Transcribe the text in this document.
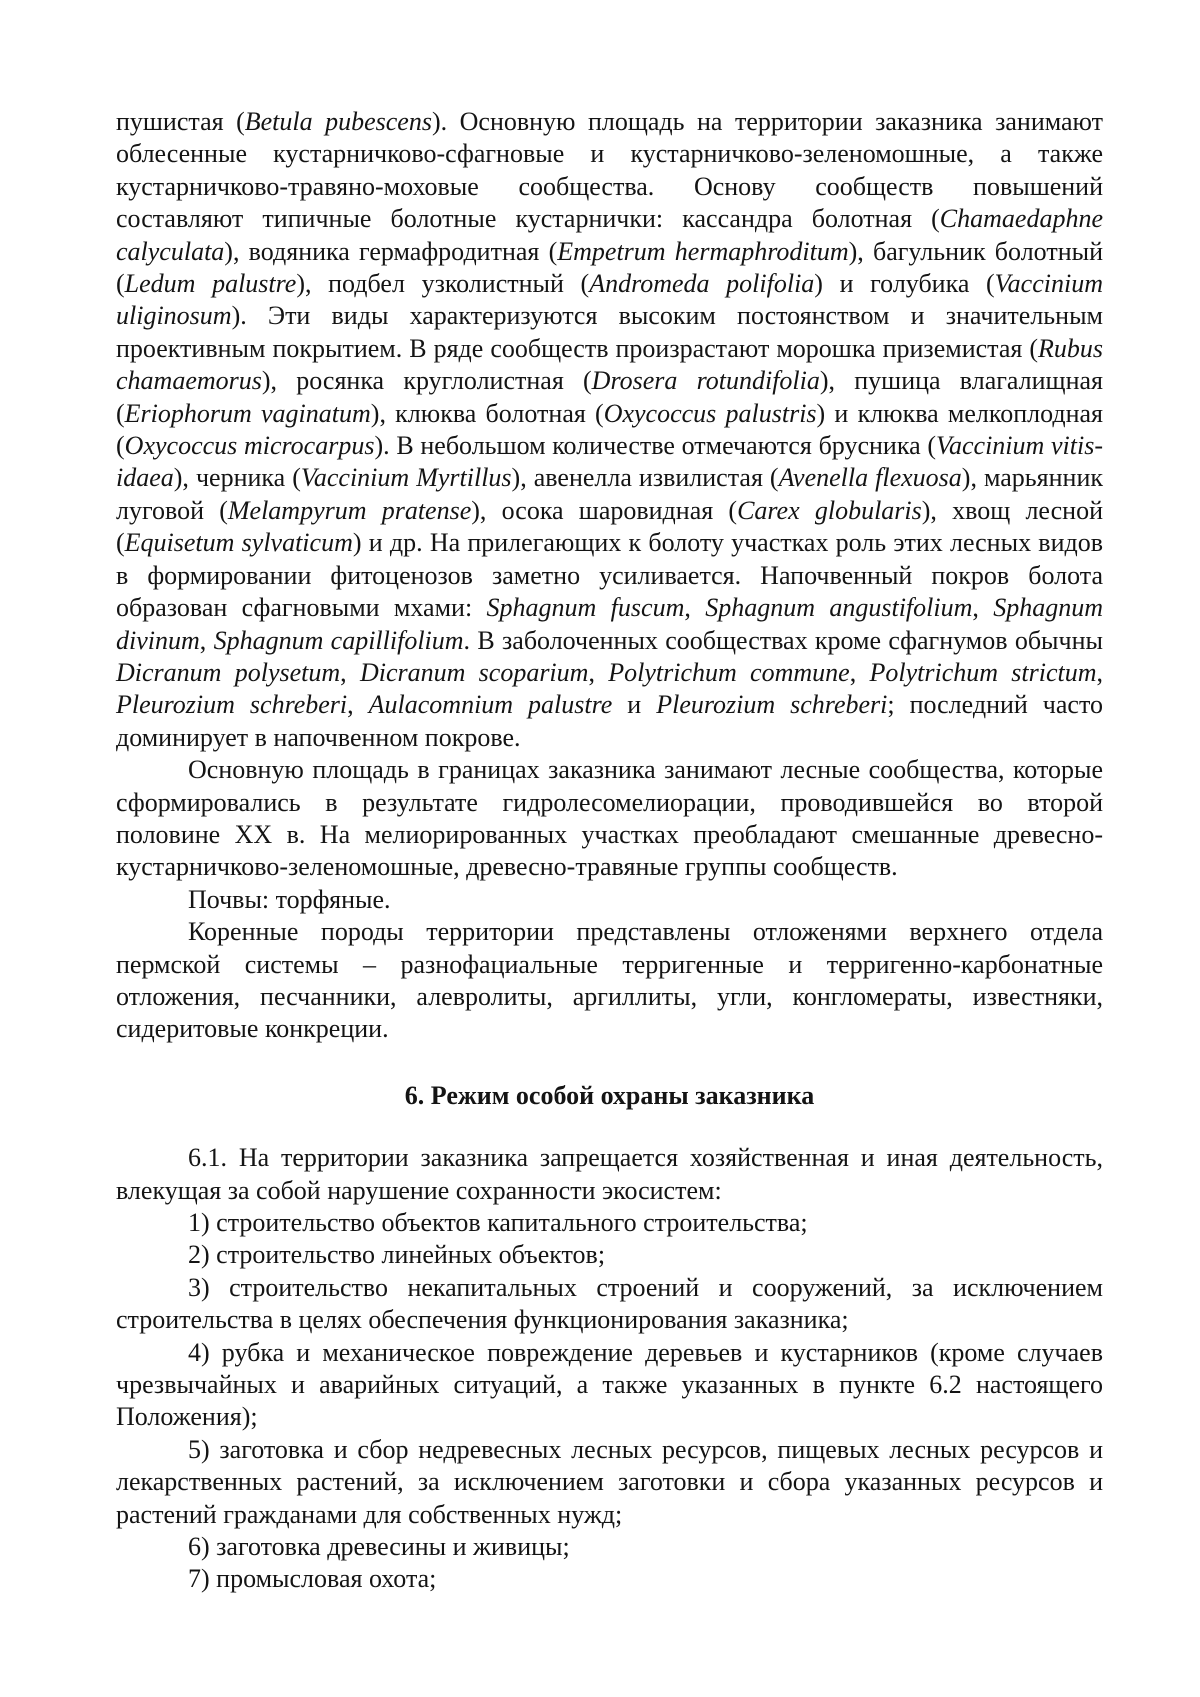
пушистая (Betula pubescens). Основную площадь на территории заказника занимают облесенные кустарничково-сфагновые и кустарничково-зеленомошные, а также кустарничково-травяно-моховые сообщества. Основу сообществ повышений составляют типичные болотные кустарнички: кассандра болотная (Chamaedaphne calyculata), водяника гермафродитная (Empetrum hermaphroditum), багульник болотный (Ledum palustre), подбел узколистный (Andromeda polifolia) и голубика (Vaccinium uliginosum). Эти виды характеризуются высоким постоянством и значительным проективным покрытием. В ряде сообществ произрастают морошка приземистая (Rubus chamaemorus), росянка круглолистная (Drosera rotundifolia), пушица влагалищная (Eriophorum vaginatum), клюква болотная (Oxycoccus palustris) и клюква мелкоплодная (Oxycoccus microcarpus). В небольшом количестве отмечаются брусника (Vaccinium vitis-idaea), черника (Vaccinium Myrtillus), авенелла извилистая (Avenella flexuosa), марьянник луговой (Melampyrum pratense), осока шаровидная (Carex globularis), хвощ лесной (Equisetum sylvaticum) и др. На прилегающих к болоту участках роль этих лесных видов в формировании фитоценозов заметно усиливается. Напочвенный покров болота образован сфагновыми мхами: Sphagnum fuscum, Sphagnum angustifolium, Sphagnum divinum, Sphagnum capillifolium. В заболоченных сообществах кроме сфагнумов обычны Dicranum polysetum, Dicranum scoparium, Polytrichum commune, Polytrichum strictum, Pleurozium schreberi, Aulacomnium palustre и Pleurozium schreberi; последний часто доминирует в напочвенном покрове.

Основную площадь в границах заказника занимают лесные сообщества, которые сформировались в результате гидролесомелиорации, проводившейся во второй половине XX в. На мелиорированных участках преобладают смешанные древесно-кустарничково-зеленомошные, древесно-травяные группы сообществ.

Почвы: торфяные.

Коренные породы территории представлены отложенями верхнего отдела пермской системы – разнофациальные терригенные и терригенно-карбонатные отложения, песчанники, алевролиты, аргиллиты, угли, конгломераты, известняки, сидеритовые конкреции.

6. Режим особой охраны заказника

6.1. На территории заказника запрещается хозяйственная и иная деятельность, влекущая за собой нарушение сохранности экосистем:

1) строительство объектов капитального строительства;
2) строительство линейных объектов;
3) строительство некапитальных строений и сооружений, за исключением строительства в целях обеспечения функционирования заказника;
4) рубка и механическое повреждение деревьев и кустарников (кроме случаев чрезвычайных и аварийных ситуаций, а также указанных в пункте 6.2 настоящего Положения);
5) заготовка и сбор недревесных лесных ресурсов, пищевых лесных ресурсов и лекарственных растений, за исключением заготовки и сбора указанных ресурсов и растений гражданами для собственных нужд;
6) заготовка древесины и живицы;
7) промысловая охота;
